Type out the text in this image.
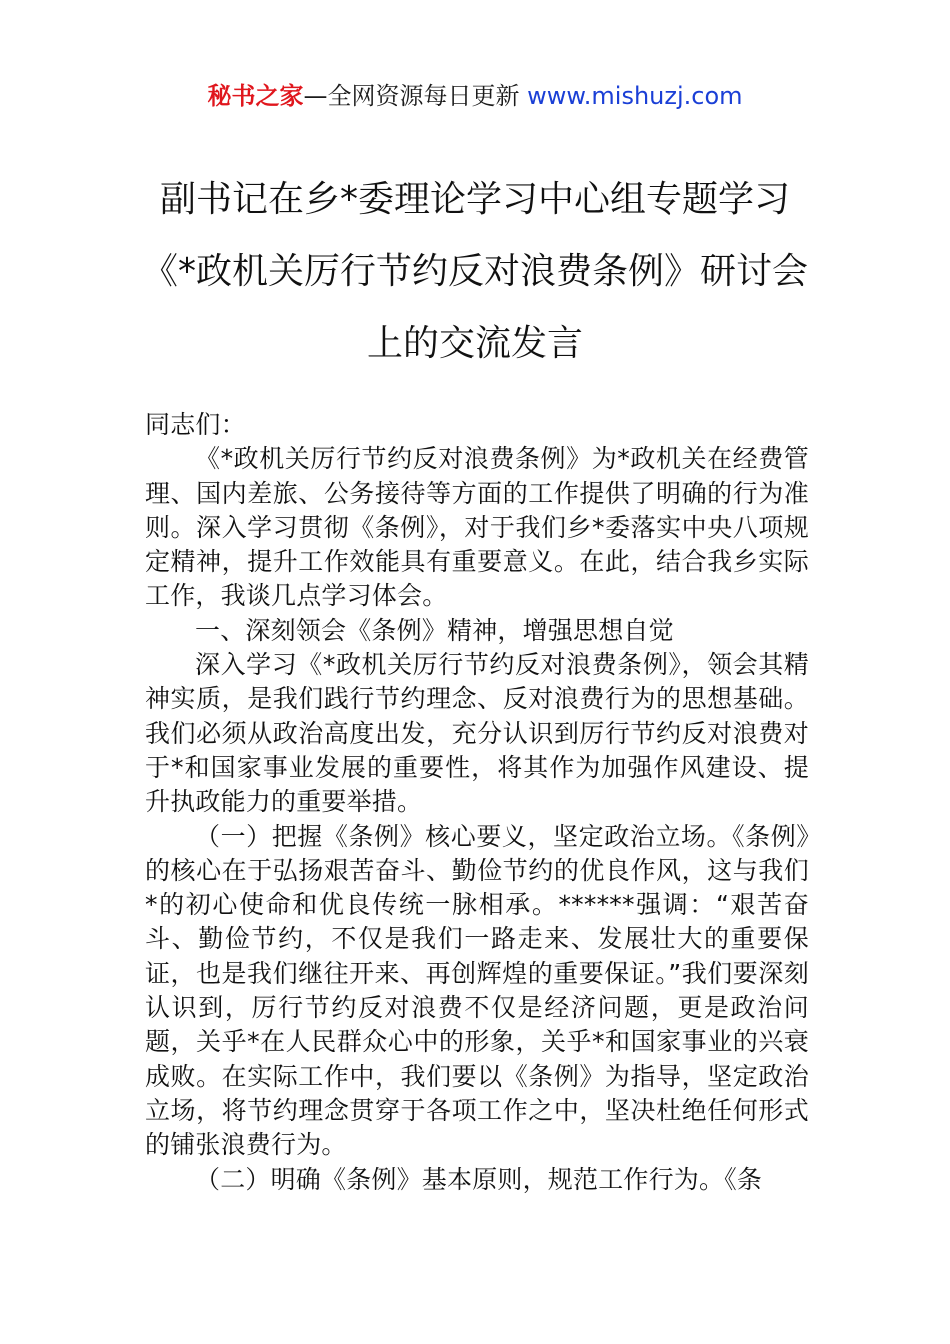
秘书之家—全网资源每日更新 www.mishuzj.com
副书记在乡*委理论学习中心组专题学习
《*政机关厉行节约反对浪费条例》研讨会
上的交流发言

同志们：

《*政机关厉行节约反对浪费条例》为*政机关在经费管理、国内差旅、公务接待等方面的工作提供了明确的行为准则。深入学习贯彻《条例》，对于我们乡*委落实中央八项规定精神，提升工作效能具有重要意义。在此，结合我乡实际工作，我谈几点学习体会。

一、深刻领会《条例》精神，增强思想自觉

深入学习《*政机关厉行节约反对浪费条例》，领会其精神实质，是我们践行节约理念、反对浪费行为的思想基础。我们必须从政治高度出发，充分认识到厉行节约反对浪费对于*和国家事业发展的重要性，将其作为加强作风建设、提升执政能力的重要举措。

（一）把握《条例》核心要义，坚定政治立场。《条例》的核心在于弘扬艰苦奋斗、勤俭节约的优良作风，这与我们*的初心使命和优良传统一脉相承。******强调：“艰苦奋斗、勤俭节约，不仅是我们一路走来、发展壮大的重要保证，也是我们继往开来、再创辉煌的重要保证。”我们要深刻认识到，厉行节约反对浪费不仅是经济问题，更是政治问题，关乎*在人民群众心中的形象，关乎*和国家事业的兴衰成败。在实际工作中，我们要以《条例》为指导，坚定政治立场，将节约理念贯穿于各项工作之中，坚决杜绝任何形式的铺张浪费行为。

（二）明确《条例》基本原则，规范工作行为。《条
